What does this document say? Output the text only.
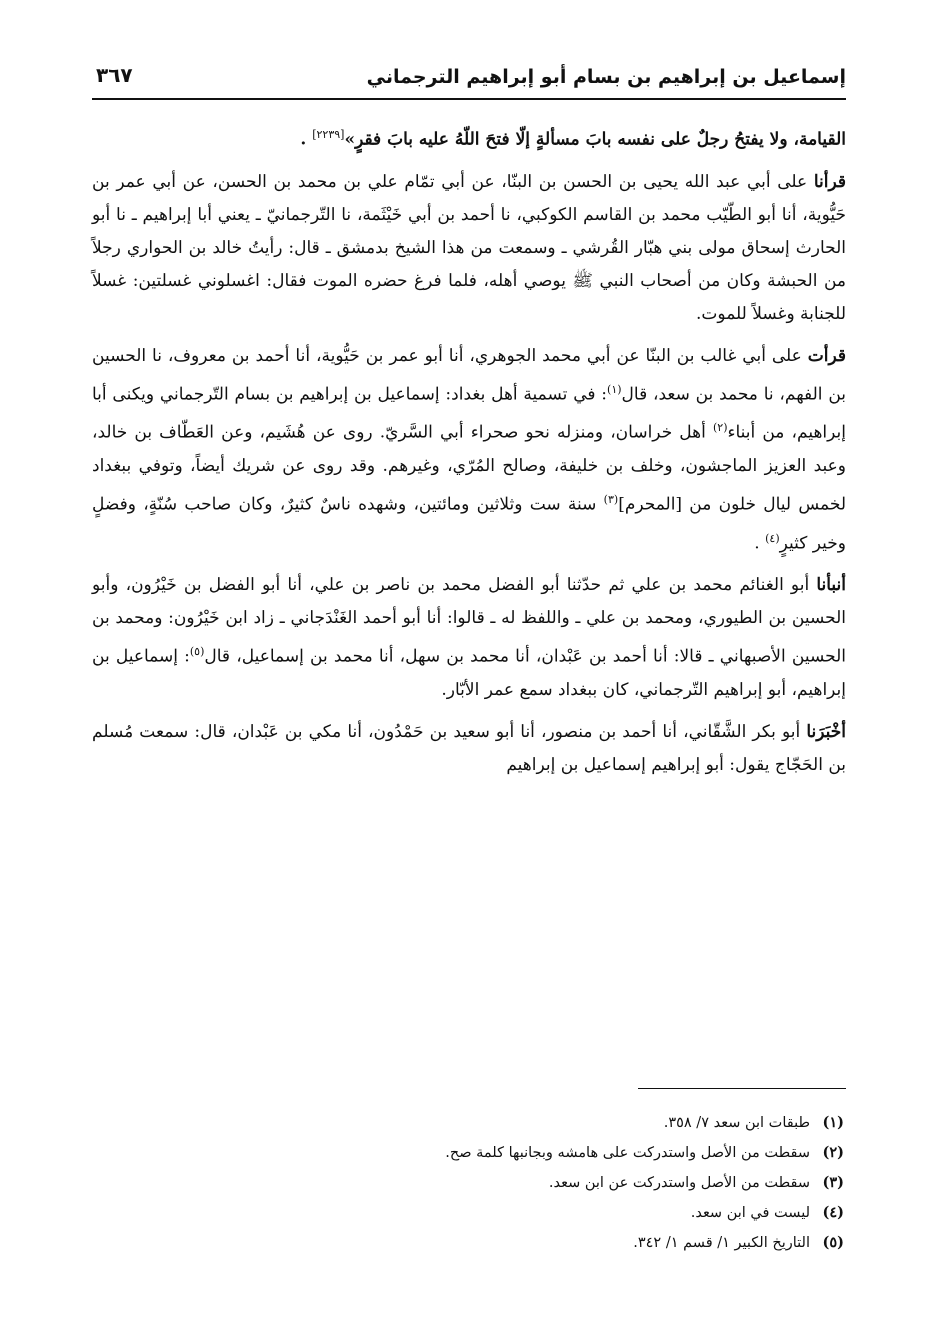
إسماعيل بن إبراهيم بن بسام أبو إبراهيم الترجماني
٣٦٧

القيامة، ولا يفتحُ رجلٌ على نفسه بابَ مسألةٍ إلّا فتحَ اللّهُ عليه بابَ فقرٍ»[٢٢٣٩] .

قرأنا على أبي عبد الله يحيى بن الحسن بن البنّا، عن أبي تمّام علي بن محمد بن الحسن، عن أبي عمر بن حَيُّوية، أنا أبو الطّيّب محمد بن القاسم الكوكبي، نا أحمد بن أبي خَيْثَمة، نا التّرجمانيّ ـ يعني أبا إبراهيم ـ نا أبو الحارث إسحاق مولى بني هبّار القُرشي ـ وسمعت من هذا الشيخ بدمشق ـ قال: رأيتُ خالد بن الحواري رجلاً من الحبشة وكان من أصحاب النبي ﷺ يوصي أهله، فلما فرغ حضره الموت فقال: اغسلوني غسلتين: غسلاً للجنابة وغسلاً للموت.

قرأت على أبي غالب بن البنّا عن أبي محمد الجوهري، أنا أبو عمر بن حَيُّوية، أنا أحمد بن معروف، نا الحسين بن الفهم، نا محمد بن سعد، قال$^{(١)}$: في تسمية أهل بغداد: إسماعيل بن إبراهيم بن بسام التّرجماني ويكنى أبا إبراهيم، من أبناء$^{(٢)}$ أهل خراسان، ومنزله نحو صحراء أبي السَّريّ. روى عن هُشَيم، وعن العَطّاف بن خالد، وعبد العزيز الماجشون، وخلف بن خليفة، وصالح المُرّي، وغيرهم. وقد روى عن شريك أيضاً، وتوفي ببغداد لخمس ليال خلون من [المحرم]$^{(٣)}$ سنة ست وثلاثين ومائتين، وشهده ناسٌ كثيرٌ، وكان صاحب سُنّةٍ، وفضلٍ وخير كثيرٍ$^{(٤)}$ .

أنبأنا أبو الغنائم محمد بن علي ثم حدّثنا أبو الفضل محمد بن ناصر بن علي، أنا أبو الفضل بن خَيْرُون، وأبو الحسين بن الطيوري، ومحمد بن علي ـ واللفظ له ـ قالوا: أنا أبو أحمد الغَنْدَجاني ـ زاد ابن خَيْرُون: ومحمد بن الحسين الأصبهاني ـ قالا: أنا أحمد بن عَبْدان، أنا محمد بن سهل، أنا محمد بن إسماعيل، قال$^{(٥)}$: إسماعيل بن إبراهيم، أبو إبراهيم التّرجماني، كان ببغداد سمع عمر الأبّار.

أخْبَرَنا أبو بكر الشَّقّاني، أنا أحمد بن منصور، أنا أبو سعيد بن حَمْدُون، أنا مكي بن عَبْدان، قال: سمعت مُسلم بن الحَجّاج يقول: أبو إبراهيم إسماعيل بن إبراهيم

(١)طبقات ابن سعد ٧/ ٣٥٨.
(٢)سقطت من الأصل واستدركت على هامشه وبجانبها كلمة صح.
(٣)سقطت من الأصل واستدركت عن ابن سعد.
(٤)ليست في ابن سعد.
(٥)التاريخ الكبير ١/ قسم ١/ ٣٤٢.
